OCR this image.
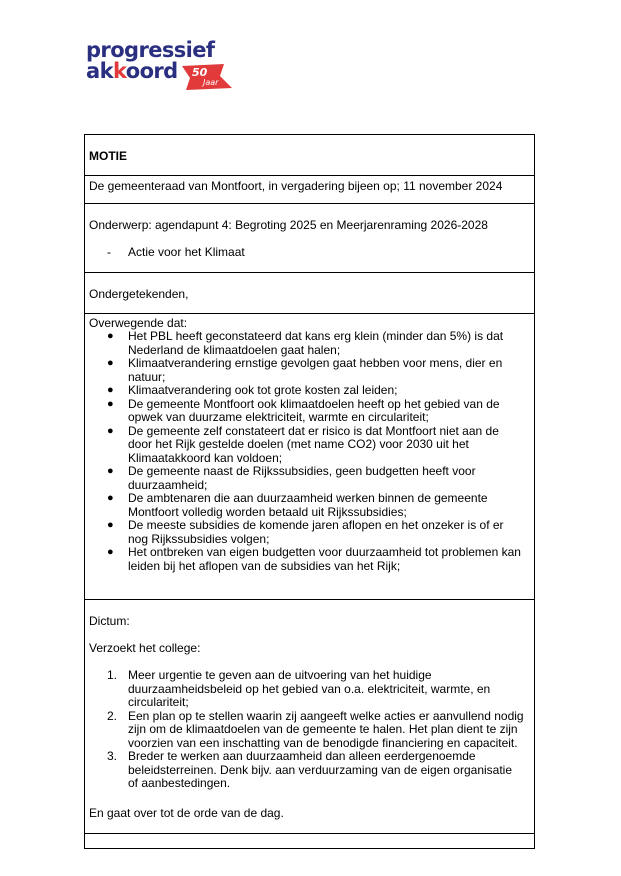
progressief
akkoord 50
Jaar
MOTIE
De gemeenteraad van Montfoort, in vergadering bijeen op; 11 november 2024
Onderwerp: agendapunt 4: Begroting 2025 en Meerjarenraming 2026-2028
- Actie voor het Klimaat
Ondergetekenden,
Overwegende dat:
● Het PBL heeft geconstateerd dat kans erg klein (minder dan 5%) is dat Nederland de klimaatdoelen gaat halen;
● Klimaatverandering ernstige gevolgen gaat hebben voor mens, dier en natuur;
● Klimaatverandering ook tot grote kosten zal leiden;
● De gemeente Montfoort ook klimaatdoelen heeft op het gebied van de opwek van duurzame elektriciteit, warmte en circulariteit;
● De gemeente zelf constateert dat er risico is dat Montfoort niet aan de door het Rijk gestelde doelen (met name CO2) voor 2030 uit het Klimaatakkoord kan voldoen;
● De gemeente naast de Rijkssubsidies, geen budgetten heeft voor duurzaamheid;
● De ambtenaren die aan duurzaamheid werken binnen de gemeente Montfoort volledig worden betaald uit Rijkssubsidies;
● De meeste subsidies de komende jaren aflopen en het onzeker is of er nog Rijkssubsidies volgen;
● Het ontbreken van eigen budgetten voor duurzaamheid tot problemen kan leiden bij het aflopen van de subsidies van het Rijk;
Dictum:
Verzoekt het college:
1. Meer urgentie te geven aan de uitvoering van het huidige duurzaamheidsbeleid op het gebied van o.a. elektriciteit, warmte, en circulariteit;
2. Een plan op te stellen waarin zij aangeeft welke acties er aanvullend nodig zijn om de klimaatdoelen van de gemeente te halen. Het plan dient te zijn voorzien van een inschatting van de benodigde financiering en capaciteit.
3. Breder te werken aan duurzaamheid dan alleen eerdergenoemde beleidsterreinen. Denk bijv. aan verduurzaming van de eigen organisatie of aanbestedingen.
En gaat over tot de orde van de dag.
